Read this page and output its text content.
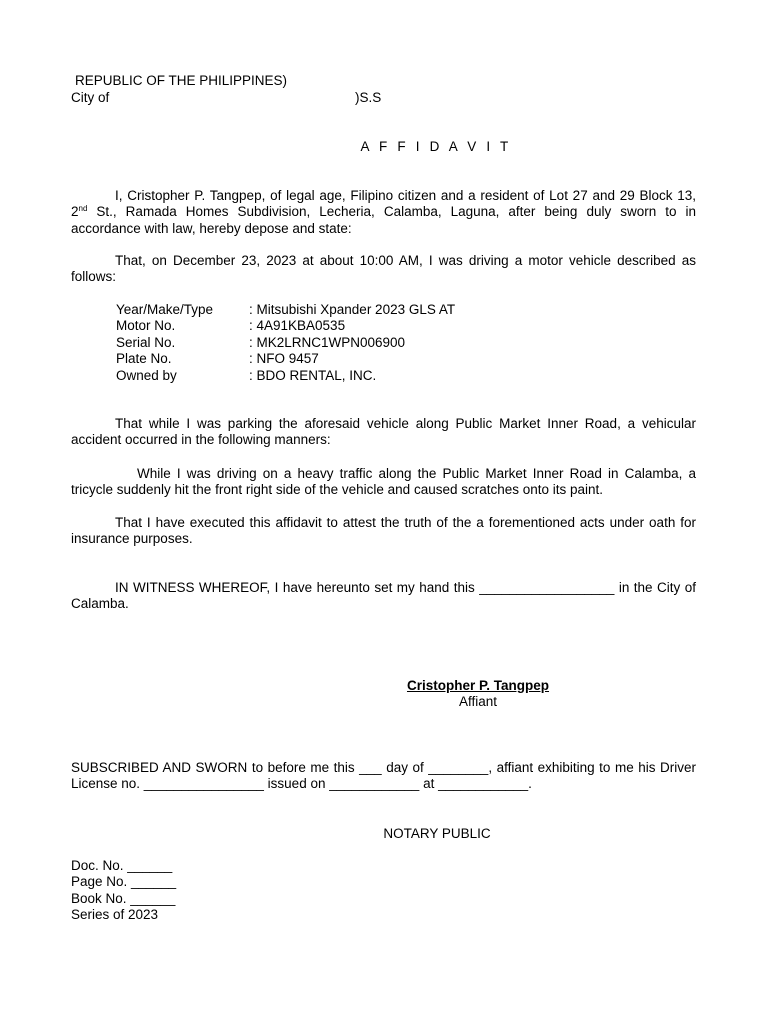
REPUBLIC OF THE PHILIPPINES)
City of	)S.S
A F F I D A V I T
I, Cristopher P. Tangpep, of legal age, Filipino citizen and a resident of Lot 27 and 29 Block 13, 2nd St., Ramada Homes Subdivision, Lecheria, Calamba, Laguna, after being duly sworn to in accordance with law, hereby depose and state:
That, on December 23, 2023 at about 10:00 AM, I was driving a motor vehicle described as follows:
Year/Make/Type	: Mitsubishi Xpander 2023 GLS AT
Motor No.	: 4A91KBA0535
Serial No.	: MK2LRNC1WPN006900
Plate No.	: NFO 9457
Owned by	: BDO RENTAL, INC.
That while I was parking the aforesaid vehicle along Public Market Inner Road, a vehicular accident occurred in the following manners:
While I was driving on a heavy traffic along the Public Market Inner Road in Calamba, a tricycle suddenly hit the front right side of the vehicle and caused scratches onto its paint.
That I have executed this affidavit to attest the truth of the a forementioned acts under oath for insurance purposes.
IN WITNESS WHEREOF, I have hereunto set my hand this __________________ in the City of Calamba.
Cristopher P. Tangpep
Affiant
SUBSCRIBED AND SWORN to before me this ___ day of ________, affiant exhibiting to me his Driver License no. ________________ issued on ____________ at ____________.
NOTARY PUBLIC
Doc. No. ______
Page No. ______
Book No. ______
Series of 2023
